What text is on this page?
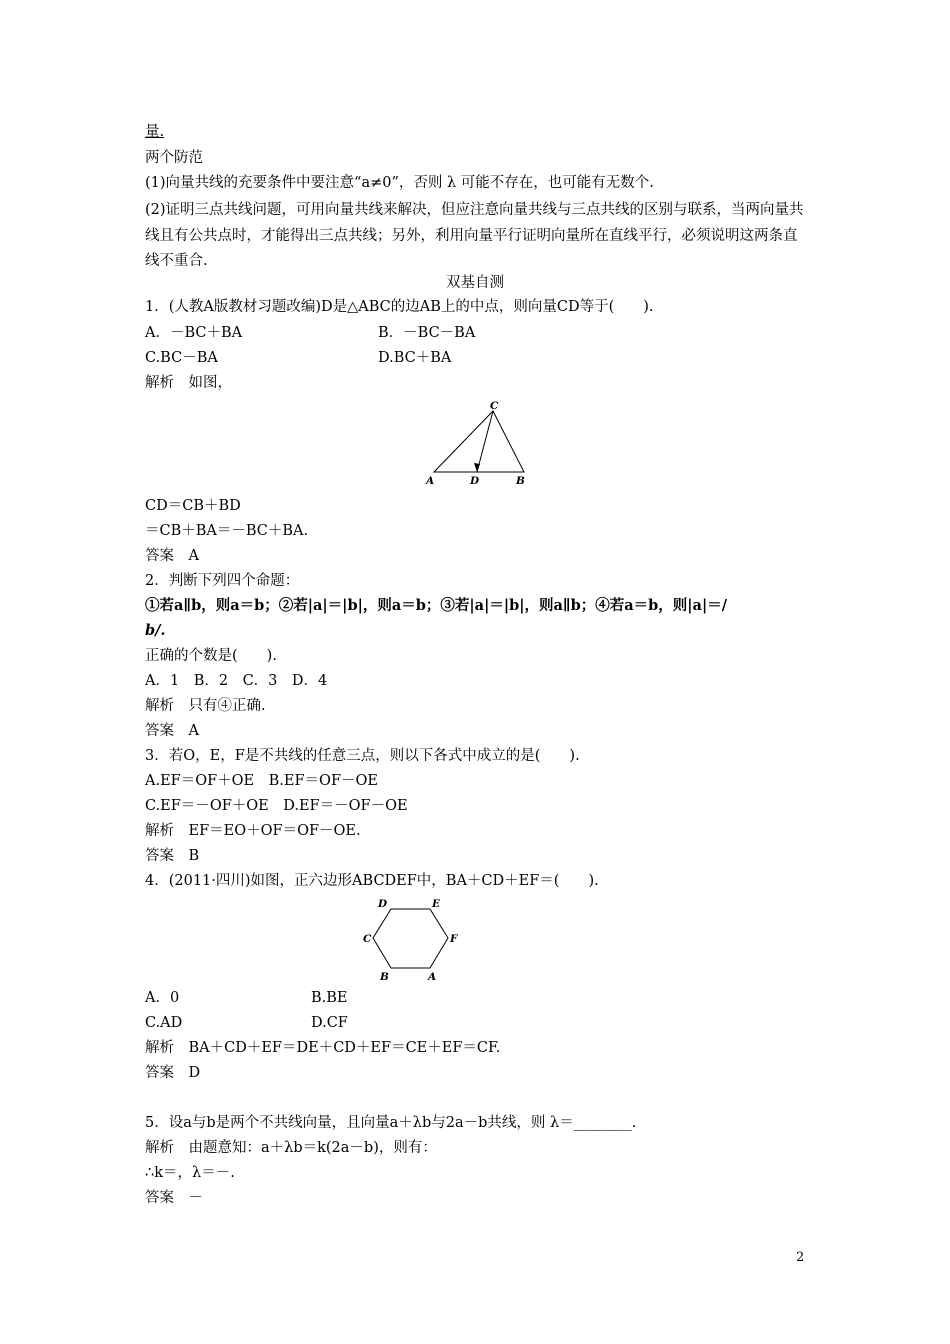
量.
两个防范
(1)向量共线的充要条件中要注意“a≠0”，否则 λ 可能不存在，也可能有无数个.
(2)证明三点共线问题，可用向量共线来解决，但应注意向量共线与三点共线的区别与联系，当两向量共线且有公共点时，才能得出三点共线；另外，利用向量平行证明向量所在直线平行，必须说明这两条直线不重合.
双基自测
1．(人教A版教材习题改编)D是△ABC的边AB上的中点，则向量CD等于(　　).
A．－BC＋BA	B．－BC－BA
C.BC－BA	D.BC＋BA
解析　如图，
C
A	D	B
CD＝CB＋BD
＝CB＋BA＝－BC＋BA.
答案　A
2．判断下列四个命题：
①若a∥b，则a＝b；②若|a|＝|b|，则a＝b；③若|a|＝|b|，则a∥b；④若a＝b，则|a|＝/
b/.
正确的个数是(　　).
A．1　B．2　C．3　D．4
解析　只有④正确.
答案　A
3．若O，E，F是不共线的任意三点，则以下各式中成立的是(　　).
A.EF＝OF＋OE　B.EF＝OF－OE
C.EF＝－OF＋OE　D.EF＝－OF－OE
解析　EF＝EO＋OF＝OF－OE.
答案　B
4．(2011·四川)如图，正六边形ABCDEF中，BA＋CD＋EF＝(　　).
D	E
C	F
B	A
A．0	B.BE
C.AD	D.CF
解析　BA＋CD＋EF＝DE＋CD＋EF＝CE＋EF＝CF.
答案　D
5．设a与b是两个不共线向量，且向量a＋λb与2a－b共线，则 λ＝________.
解析　由题意知：a＋λb＝k(2a－b)，则有：
∴k＝，λ＝－.
答案　－
2
